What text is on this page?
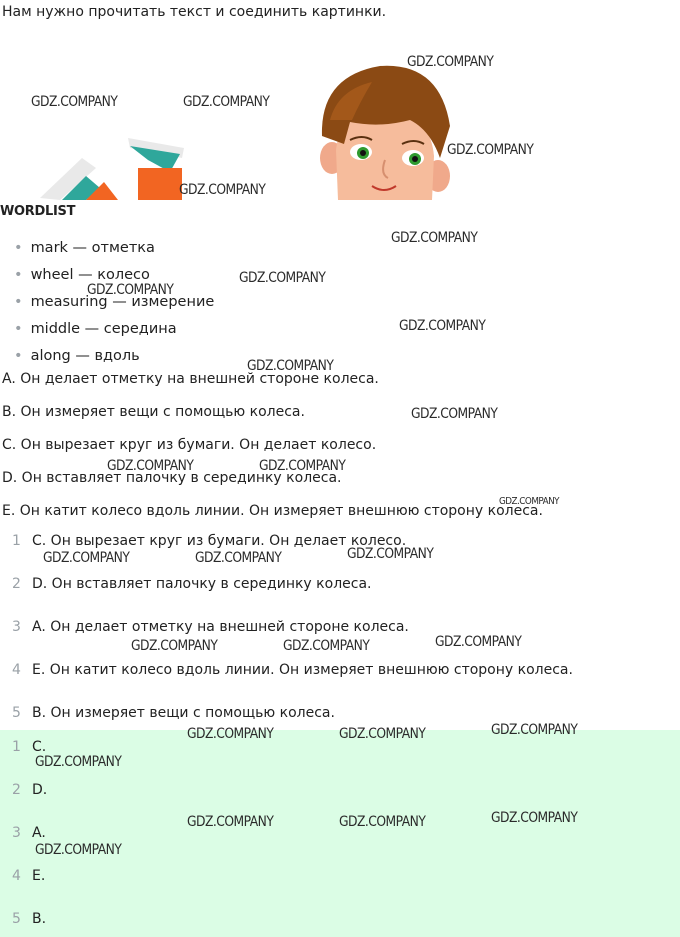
Нам нужно прочитать текст и соединить картинки.
WORDLIST
• mark — отметка
• wheel — колесо
• measuring — измерение
• middle — середина
• along — вдоль
A. Он делает отметку на внешней стороне колеса.
B. Он измеряет вещи с помощью колеса.
C. Он вырезает круг из бумаги. Он делает колесо.
D. Он вставляет палочку в серединку колеса.
E. Он катит колесо вдоль линии. Он измеряет внешнюю сторону колеса.
1 C. Он вырезает круг из бумаги. Он делает колесо.
2 D. Он вставляет палочку в серединку колеса.
3 A. Он делает отметку на внешней стороне колеса.
4 E. Он катит колесо вдоль линии. Он измеряет внешнюю сторону колеса.
5 B. Он измеряет вещи с помощью колеса.
1 C.
2 D.
3 A.
4 E.
5 B.
GDZ.COMPANY
GDZ.COMPANY	GDZ.COMPANY
GDZ.COMPANY
GDZ.COMPANY
GDZ.COMPANY
GDZ.COMPANY
GDZ.COMPANY
GDZ.COMPANY
GDZ.COMPANY
GDZ.COMPANY
GDZ.COMPANY	GDZ.COMPANY
GDZ.COMPANY
GDZ.COMPANY
GDZ.COMPANY	GDZ.COMPANY
GDZ.COMPANY
GDZ.COMPANY	GDZ.COMPANY
GDZ.COMPANY
GDZ.COMPANY	GDZ.COMPANY
GDZ.COMPANY
GDZ.COMPANY
GDZ.COMPANY	GDZ.COMPANY
GDZ.COMPANY
